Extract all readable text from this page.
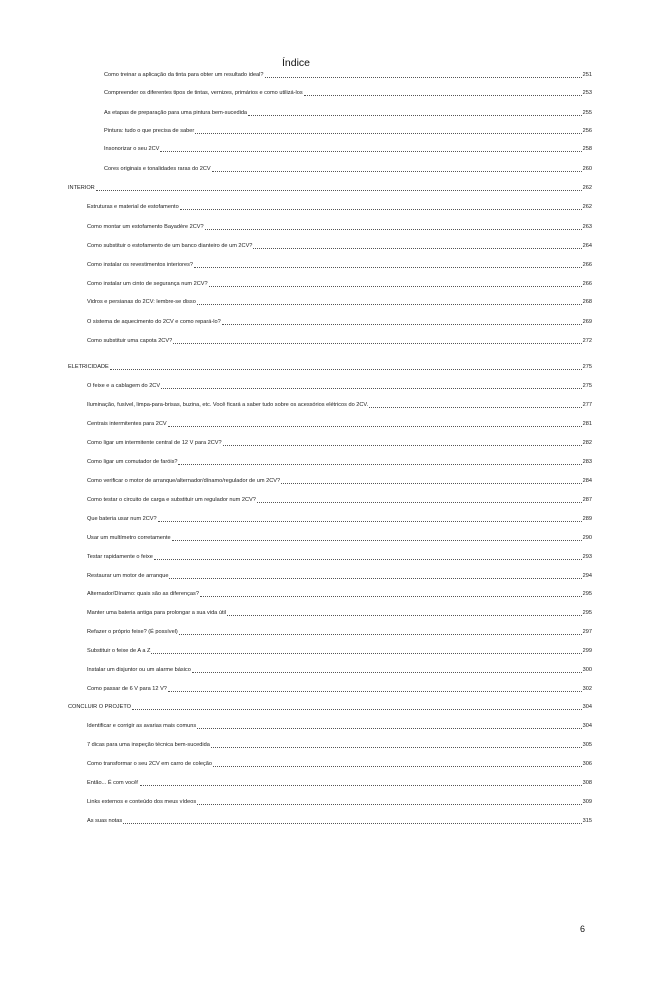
Índice
Como treinar a aplicação da tinta para obter um resultado ideal?	251
Compreender os diferentes tipos de tintas, vernizes, primários e como utilizá-los	253
As etapas de preparação para uma pintura bem-sucedida	255
Pintura: tudo o que precisa de saber	256
Insonorizar o seu 2CV	258
Cores originais e tonalidades raras do 2CV	260
INTERIOR	262
Estruturas e material de estofamento	262
Como montar um estofamento Bayadère 2CV?	263
Como substituir o estofamento de um banco dianteiro de um 2CV?	264
Como instalar os revestimentos interiores?	266
Como instalar um cinto de segurança num 2CV?	266
Vidros e persianas do 2CV: lembre-se disso	268
O sistema de aquecimento do 2CV e como repará-lo?	269
Como substituir uma capota 2CV?	272
ELETRICIDADE	275
O feixe e a cablagem do 2CV	275
Iluminação, fusível, limpa-para-brisas, buzina, etc. Você ficará a saber tudo sobre os acessórios elétricos do 2CV.	277
Centrais intermitentes para 2CV	281
Como ligar um intermitente central de 12 V para 2CV?	282
Como ligar um comutador de faróis?	283
Como verificar o motor de arranque/alternador/dínamo/regulador de um 2CV?	284
Como testar o circuito de carga e substituir um regulador num 2CV?	287
Que bateria usar num 2CV?	289
Usar um multímetro corretamente	290
Testar rapidamente o feixe	293
Restaurar um motor de arranque	294
Alternador/Dínamo: quais são as diferenças?	295
Manter uma bateria antiga para prolongar a sua vida útil	295
Refazer o próprio feixe? (É possível)	297
Substituir o feixe de A a Z	299
Instalar um disjuntor ou um alarme básico	300
Como passar de 6 V para 12 V?	302
CONCLUIR O PROJETO	304
Identificar e corrigir as avarias mais comuns	304
7 dicas para uma inspeção técnica bem-sucedida	305
Como transformar o seu 2CV em carro de coleção	306
Então... É com você!	308
Links externos e conteúdo dos meus vídeos	309
As suas notas	315
6
